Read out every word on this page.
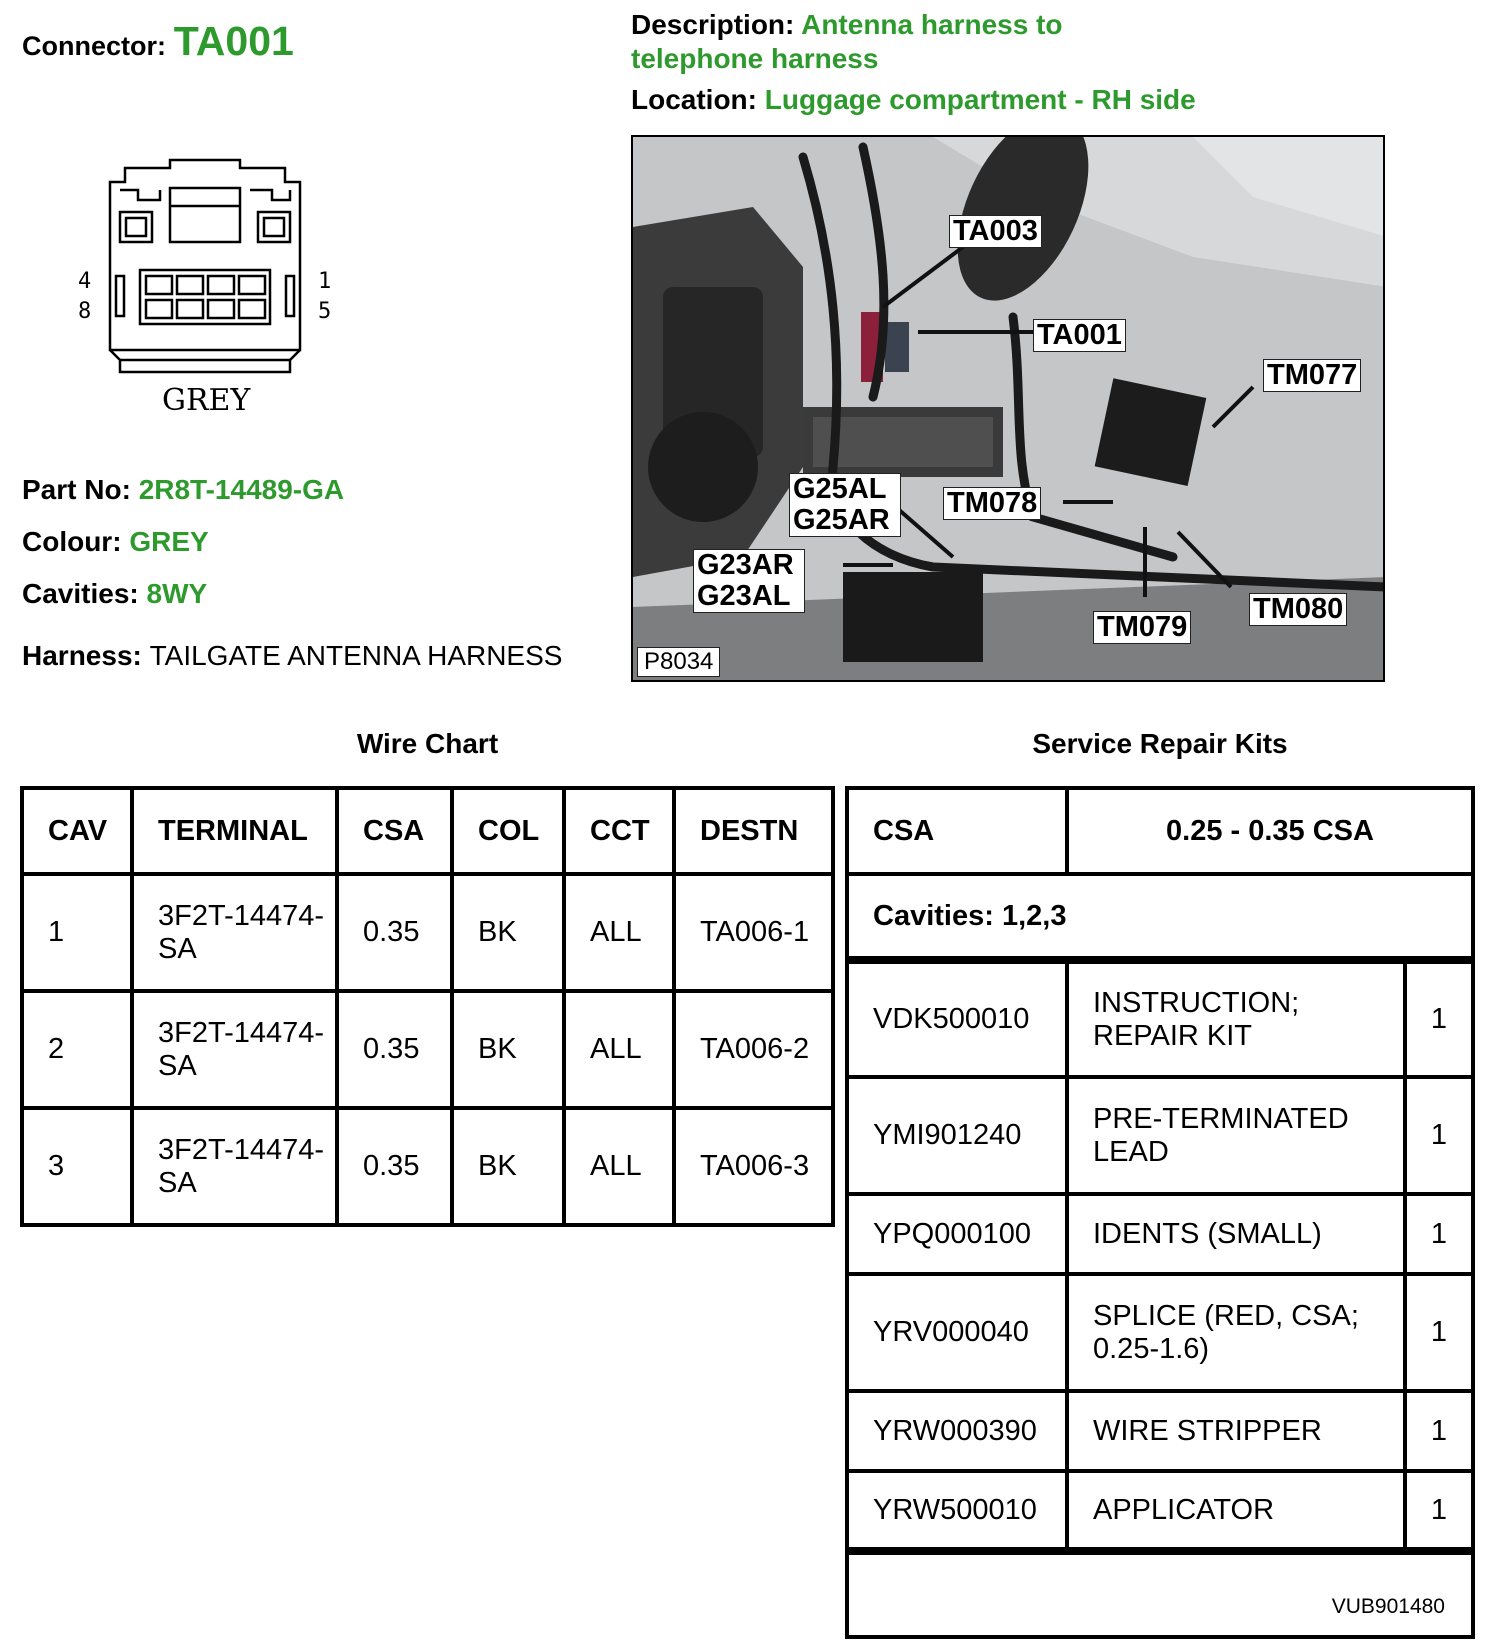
Connector: TA001	Description: Antenna harness to telephone harness
Location: Luggage compartment - RH side
4
8
1
5
GREY
Part No: 2R8T-14489-GA
Colour: GREY
Cavities: 8WY
Harness: TAILGATE ANTENNA HARNESS
TA003
TA001
TM077
G25AL G25AR
TM078
G23AR G23AL
TM079
TM080
P8034
Wire Chart	Service Repair Kits
CAV	TERMINAL	CSA	COL	CCT	DESTN
1	3F2T-14474-SA	0.35	BK	ALL	TA006-1
2	3F2T-14474-SA	0.35	BK	ALL	TA006-2
3	3F2T-14474-SA	0.35	BK	ALL	TA006-3
CSA	0.25 - 0.35 CSA	
Cavities: 1,2,3		
VDK500010	INSTRUCTION; REPAIR KIT	1
YMI901240	PRE-TERMINATED LEAD	1
YPQ000100	IDENTS (SMALL)	1
YRV000040	SPLICE (RED, CSA; 0.25-1.6)	1
YRW000390	WIRE STRIPPER	1
YRW500010	APPLICATOR	1
VUB901480		
